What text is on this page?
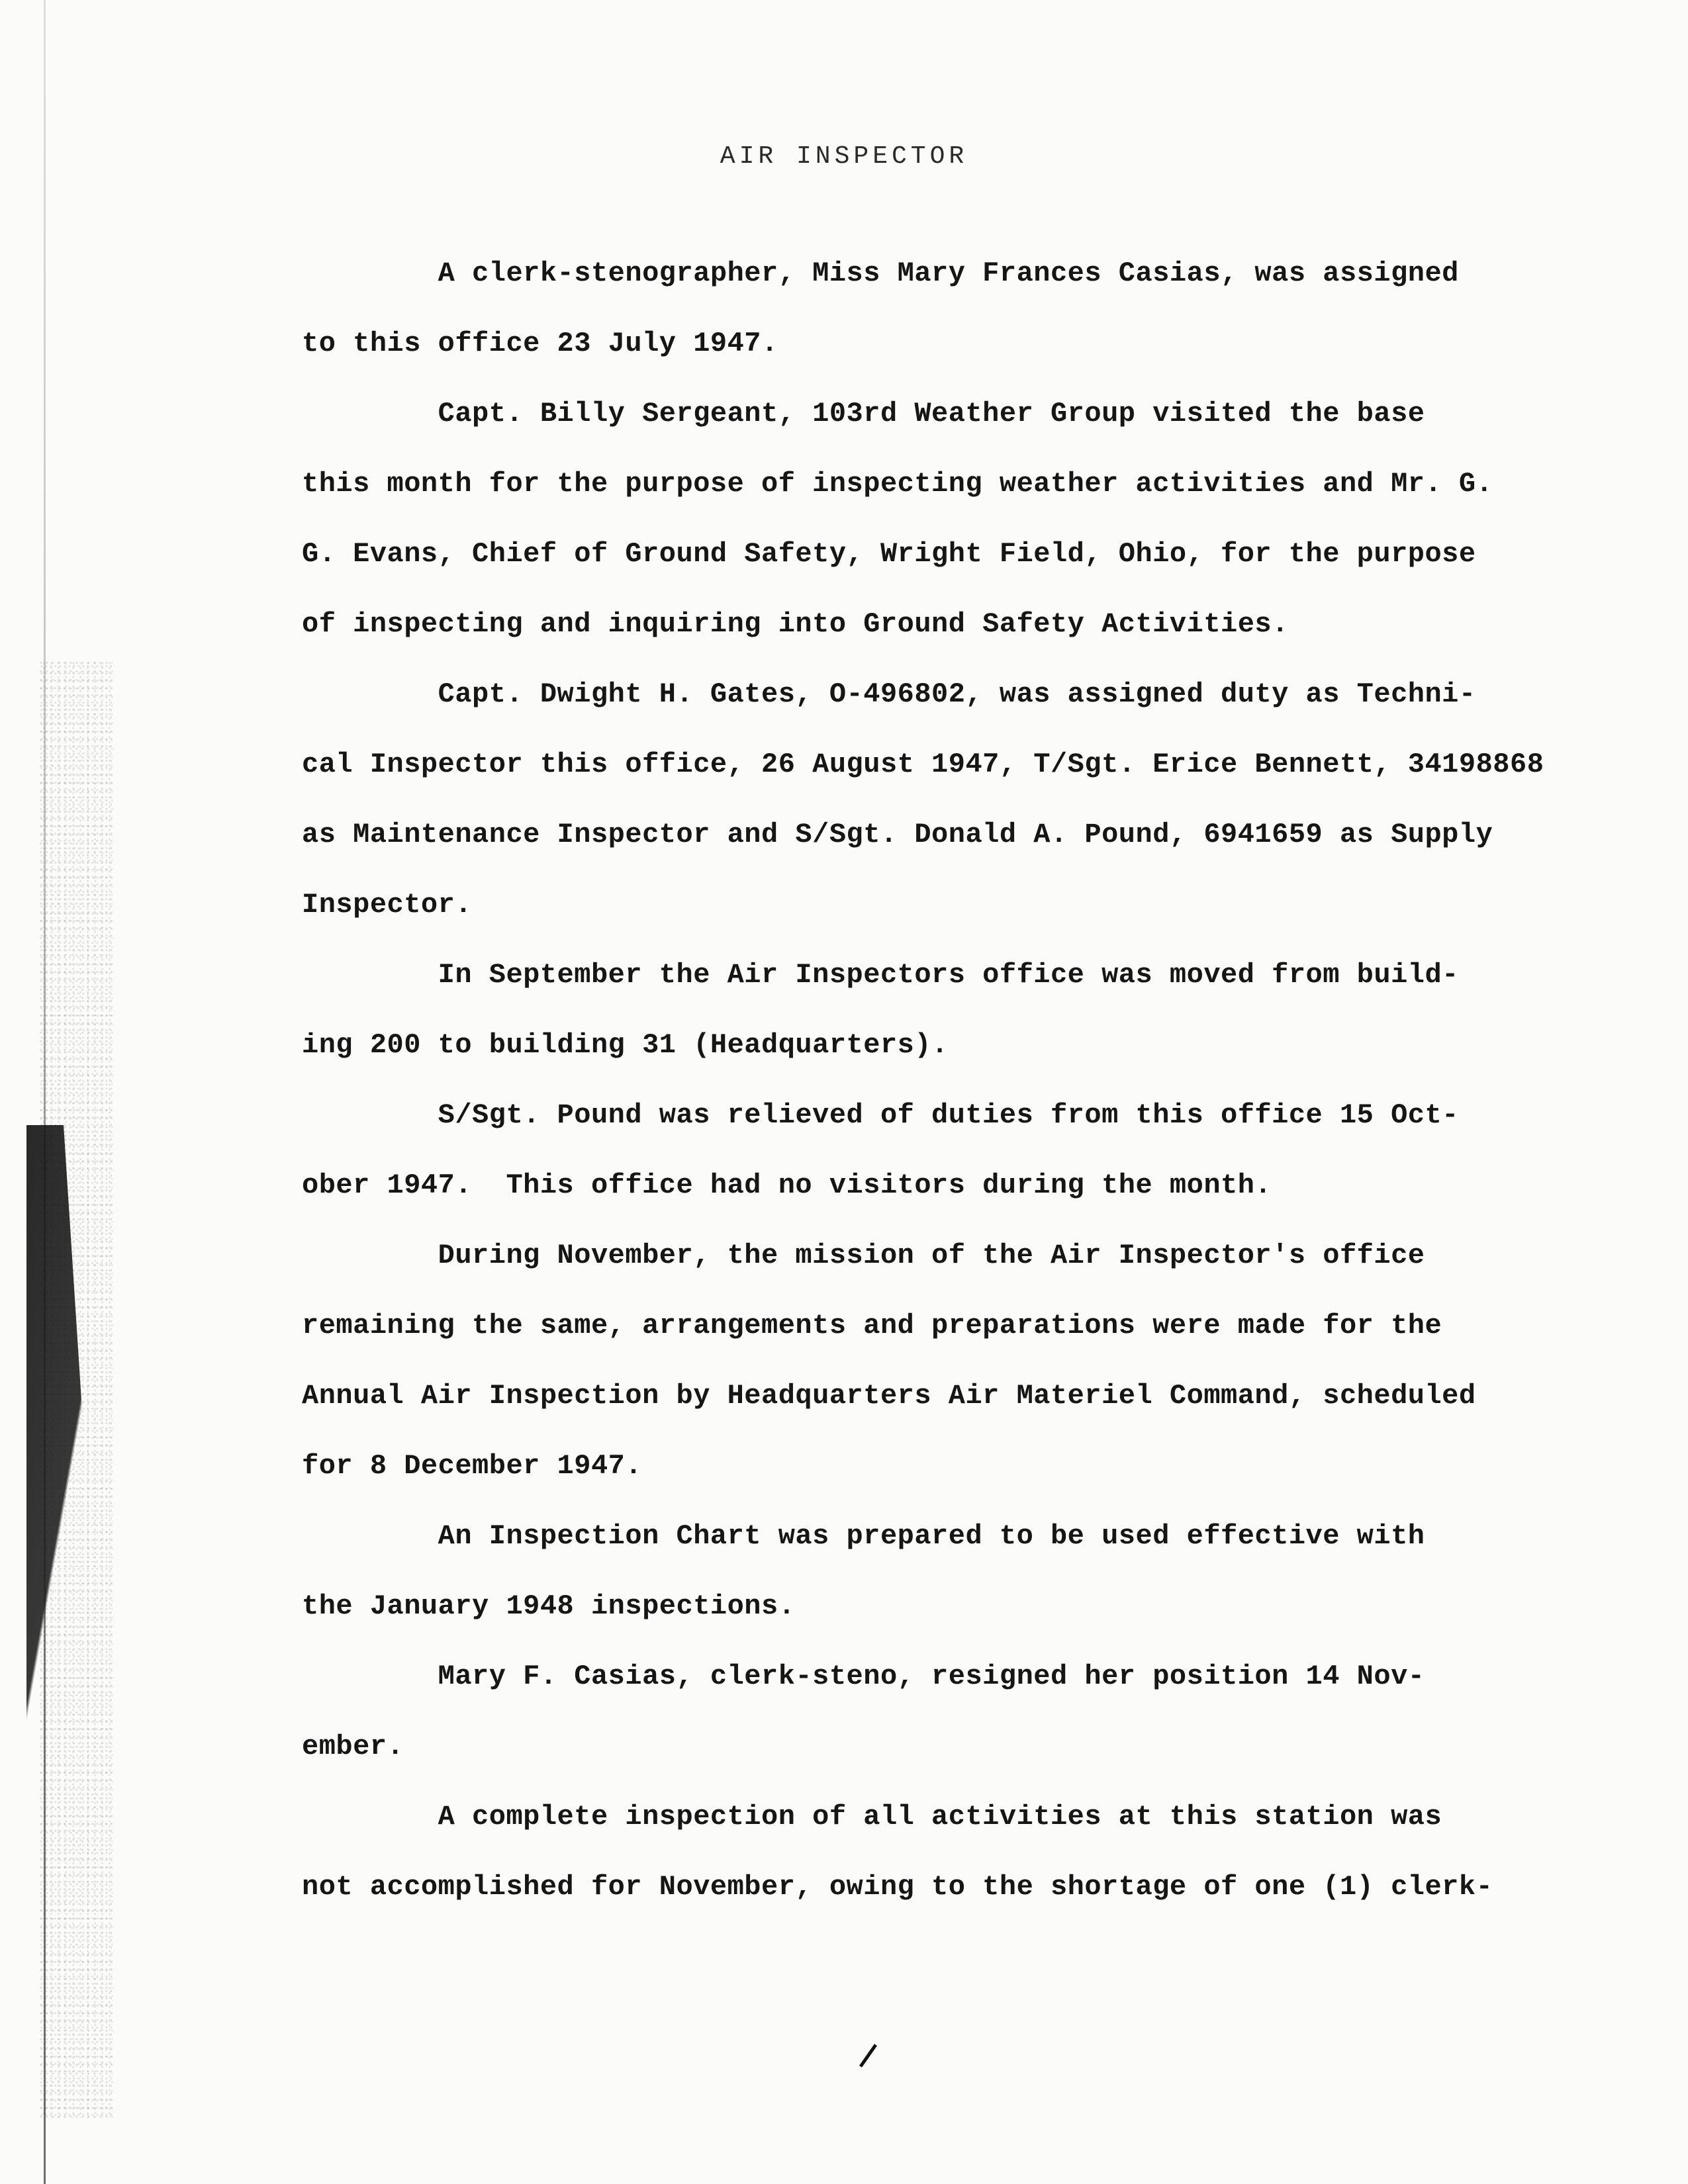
AIR INSPECTOR

A clerk-stenographer, Miss Mary Frances Casias, was assigned
to this office 23 July 1947.

Capt. Billy Sergeant, 103rd Weather Group visited the base
this month for the purpose of inspecting weather activities and Mr. G.
G. Evans, Chief of Ground Safety, Wright Field, Ohio, for the purpose
of inspecting and inquiring into Ground Safety Activities.

Capt. Dwight H. Gates, O-496802, was assigned duty as Techni-
cal Inspector this office, 26 August 1947, T/Sgt. Erice Bennett, 34198868
as Maintenance Inspector and S/Sgt. Donald A. Pound, 6941659 as Supply
Inspector.

In September the Air Inspectors office was moved from build-
ing 200 to building 31 (Headquarters).

S/Sgt. Pound was relieved of duties from this office 15 Oct-
ober 1947.  This office had no visitors during the month.

During November, the mission of the Air Inspector's office
remaining the same, arrangements and preparations were made for the
Annual Air Inspection by Headquarters Air Materiel Command, scheduled
for 8 December 1947.

An Inspection Chart was prepared to be used effective with
the January 1948 inspections.

Mary F. Casias, clerk-steno, resigned her position 14 Nov-
ember.

A complete inspection of all activities at this station was
not accomplished for November, owing to the shortage of one (1) clerk-
